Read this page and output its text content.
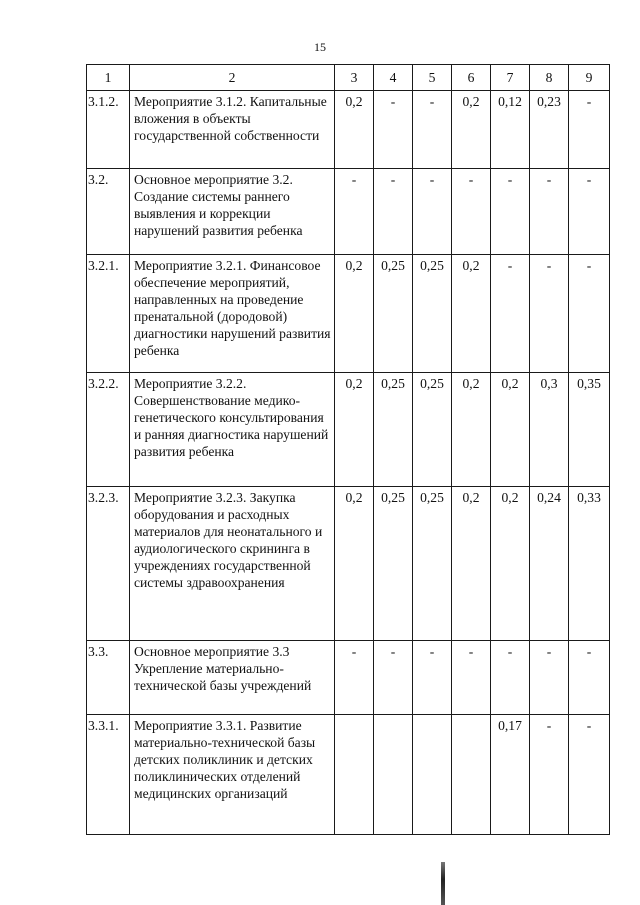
15
1	2	3	4	5	6	7	8	9
3.1.2.	Мероприятие 3.1.2. Капитальные вложения в объекты государственной собственности	0,2	-	-	0,2	0,12	0,23	-
3.2.	Основное мероприятие 3.2. Создание системы раннего выявления и коррекции нарушений развития ребенка	-	-	-	-	-	-	-
3.2.1.	Мероприятие 3.2.1. Финансовое обеспечение мероприятий, направленных на проведение пренатальной (дородовой) диагностики нарушений развития ребенка	0,2	0,25	0,25	0,2	-	-	-
3.2.2.	Мероприятие 3.2.2. Совершенствование медико-генетического консультирования и ранняя диагностика нарушений развития ребенка	0,2	0,25	0,25	0,2	0,2	0,3	0,35
3.2.3.	Мероприятие 3.2.3. Закупка оборудования и расходных материалов для неонатального и аудиологического скрининга в учреждениях государственной системы здравоохранения	0,2	0,25	0,25	0,2	0,2	0,24	0,33
3.3.	Основное мероприятие 3.3 Укрепление материально-технической базы учреждений	-	-	-	-	-	-	-
3.3.1.	Мероприятие 3.3.1. Развитие материально-технической базы детских поликлиник и детских поликлинических отделений медицинских организаций					0,17	-	-
